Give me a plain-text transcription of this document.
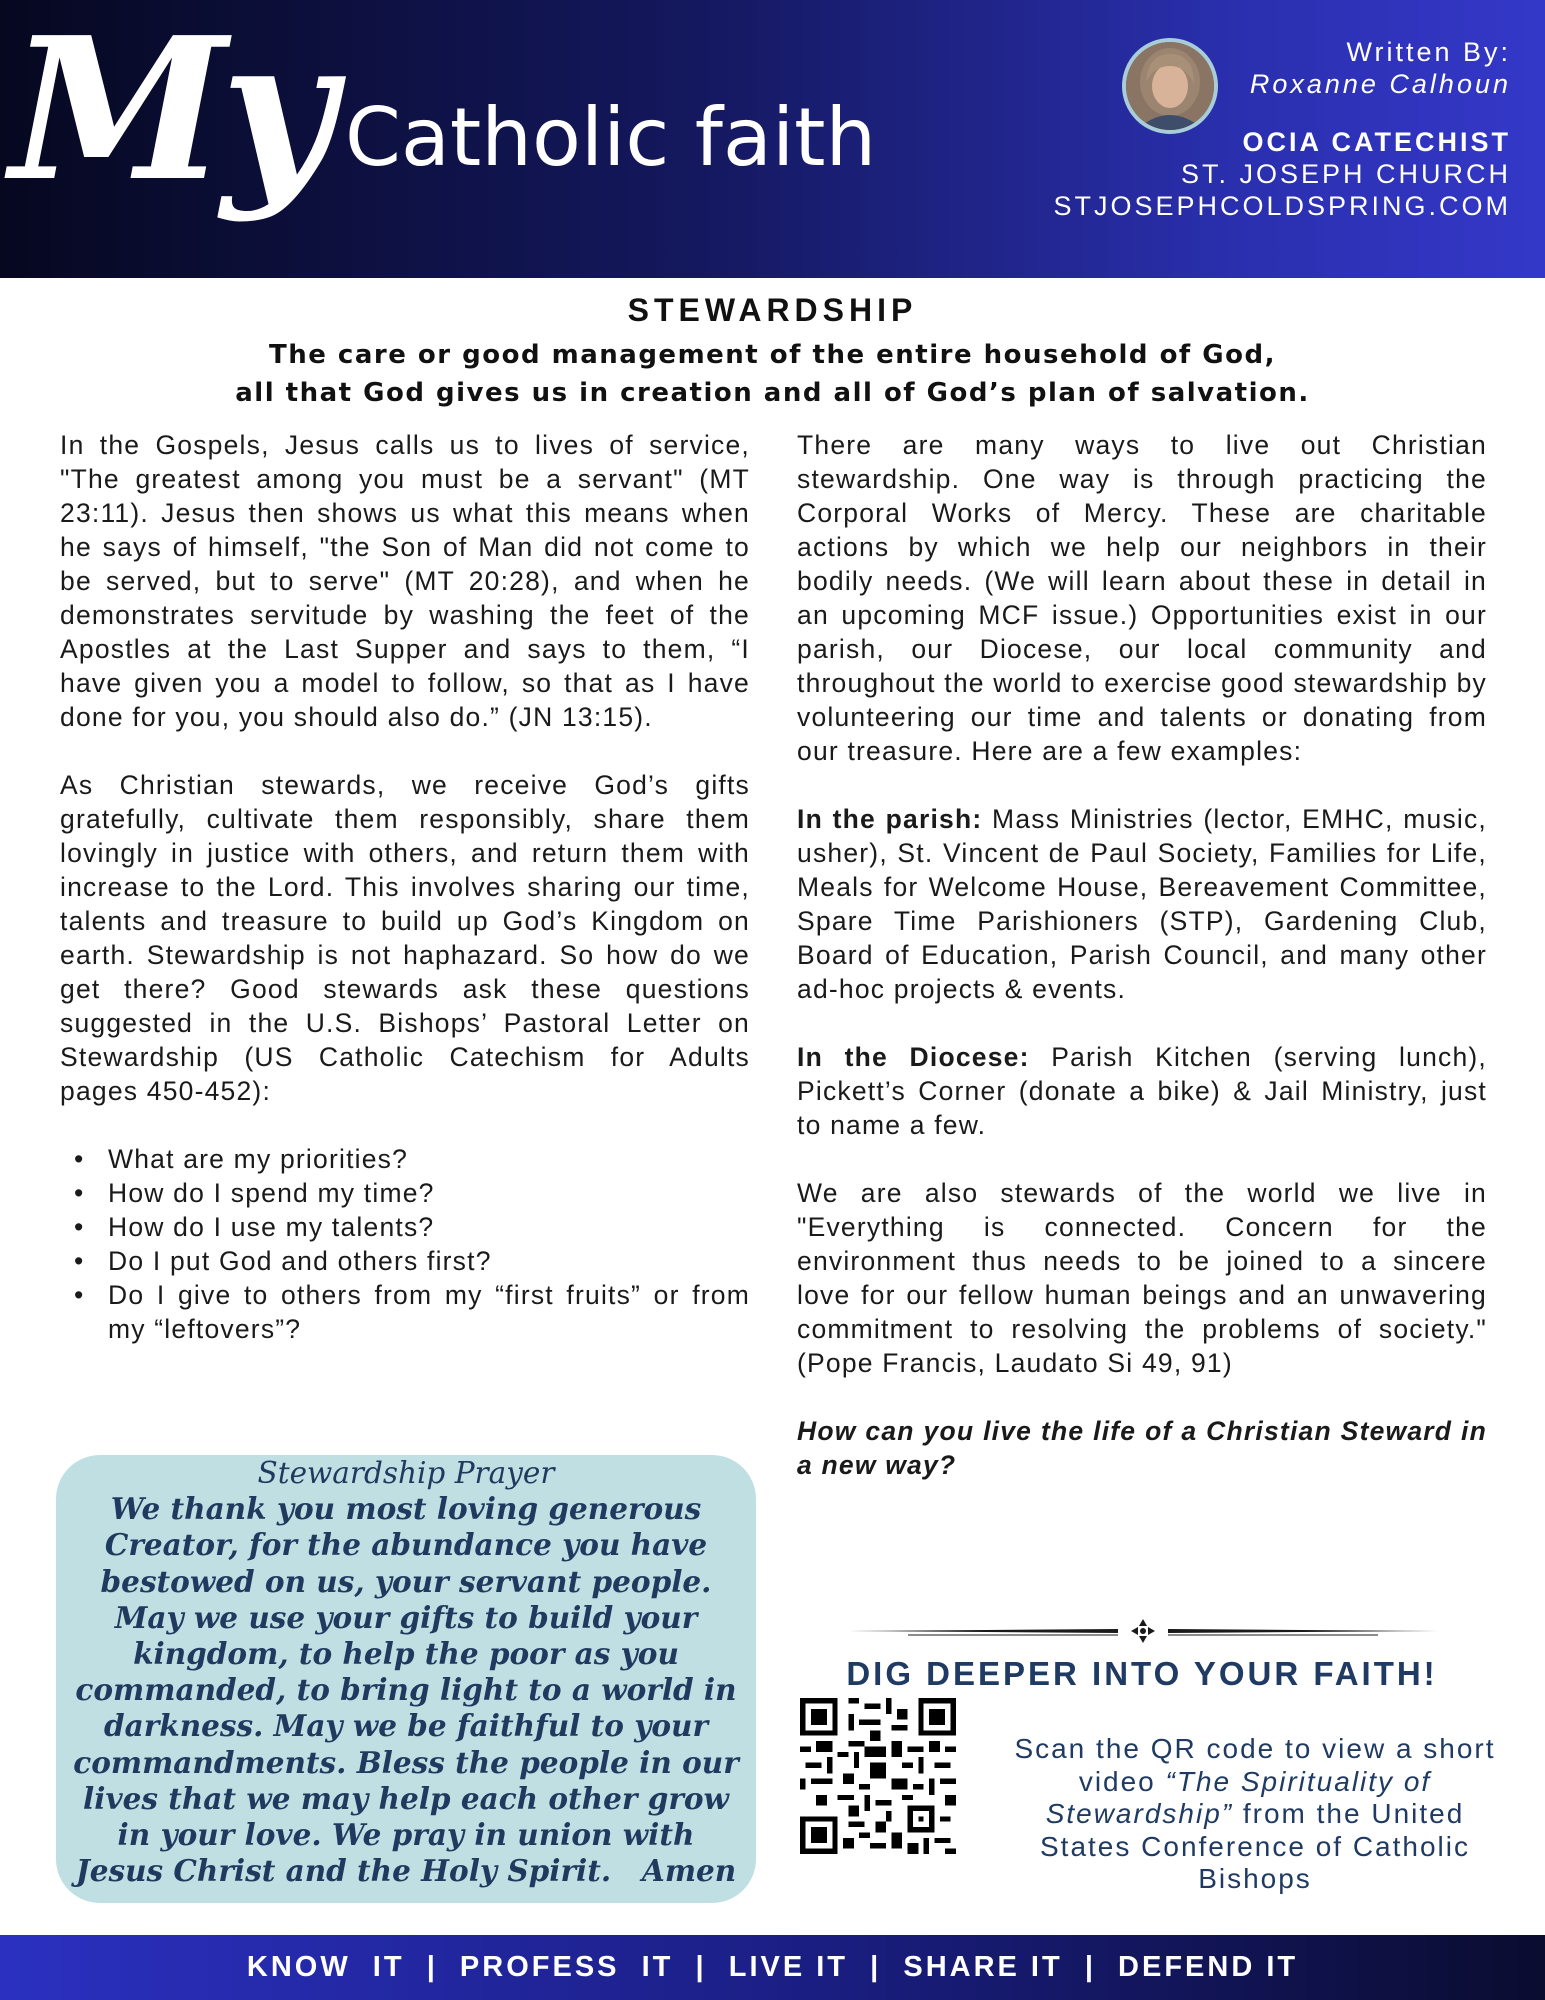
My Catholic faith
Written By:
Roxanne Calhoun
OCIA CATECHIST
ST. JOSEPH CHURCH
STJOSEPHCOLDSPRING.COM
STEWARDSHIP
The care or good management of the entire household of God,
all that God gives us in creation and all of God’s plan of salvation.

In the Gospels, Jesus calls us to lives of service, "The greatest among you must be a servant" (MT 23:11). Jesus then shows us what this means when he says of himself, "the Son of Man did not come to be served, but to serve" (MT 20:28), and when he demonstrates servitude by washing the feet of the Apostles at the Last Supper and says to them, “I have given you a model to follow, so that as I have done for you, you should also do.” (JN 13:15).

As Christian stewards, we receive God’s gifts gratefully, cultivate them responsibly, share them lovingly in justice with others, and return them with increase to the Lord. This involves sharing our time, talents and treasure to build up God’s Kingdom on earth. Stewardship is not haphazard. So how do we get there? Good stewards ask these questions suggested in the U.S. Bishops’ Pastoral Letter on Stewardship (US Catholic Catechism for Adults pages 450-452):

• What are my priorities?
• How do I spend my time?
• How do I use my talents?
• Do I put God and others first?
• Do I give to others from my “first fruits” or from my “leftovers”?
Stewardship Prayer
We thank you most loving generous
Creator, for the abundance you have
bestowed on us, your servant people.
May we use your gifts to build your
kingdom, to help the poor as you
commanded, to bring light to a world in
darkness. May we be faithful to your
commandments. Bless the people in our
lives that we may help each other grow
in your love. We pray in union with
Jesus Christ and the Holy Spirit.   Amen

There are many ways to live out Christian stewardship. One way is through practicing the Corporal Works of Mercy. These are charitable actions by which we help our neighbors in their bodily needs. (We will learn about these in detail in an upcoming MCF issue.) Opportunities exist in our parish, our Diocese, our local community and throughout the world to exercise good stewardship by volunteering our time and talents or donating from our treasure. Here are a few examples:

In the parish: Mass Ministries (lector, EMHC, music, usher), St. Vincent de Paul Society, Families for Life, Meals for Welcome House, Bereavement Committee, Spare Time Parishioners (STP), Gardening Club, Board of Education, Parish Council, and many other ad-hoc projects & events.

In the Diocese: Parish Kitchen (serving lunch), Pickett’s Corner (donate a bike) & Jail Ministry, just to name a few.

We are also stewards of the world we live in "Everything is connected. Concern for the environment thus needs to be joined to a sincere love for our fellow human beings and an unwavering commitment to resolving the problems of society." (Pope Francis, Laudato Si 49, 91)

How can you live the life of a Christian Steward in a new way?

DIG DEEPER INTO YOUR FAITH!
Scan the QR code to view a short video “The Spirituality of Stewardship” from the United States Conference of Catholic Bishops
KNOW  IT  |  PROFESS  IT  |  LIVE IT  |  SHARE IT  |  DEFEND IT
